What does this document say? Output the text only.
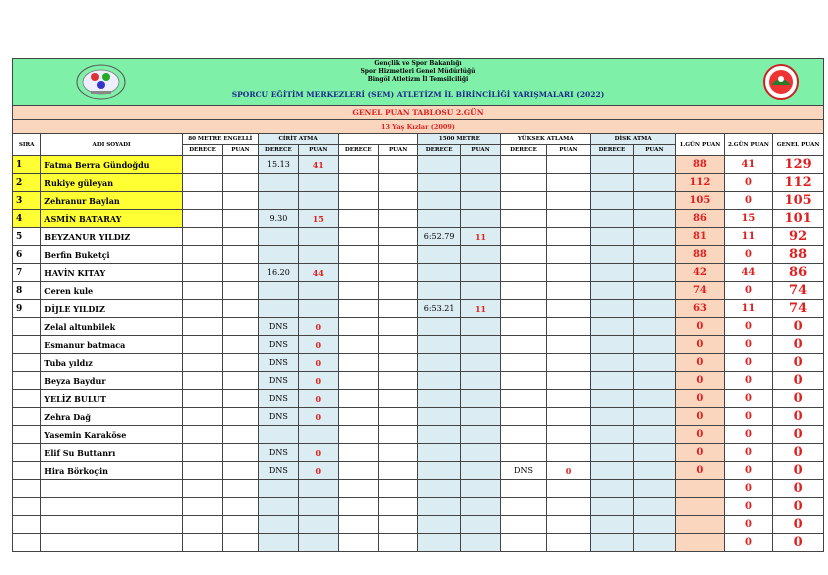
Gençlik ve Spor Bakanlığı
Spor Hizmetleri Genel Müdürlüğü
Bingöl Atletizm İl Temsilciliği
SPORCU EĞİTİM MERKEZLERİ (SEM) ATLETİZM İL BİRİNCİLİĞİ YARIŞMALARI (2022)																

GENEL PUAN TABLOSU 2.GÜN																
13 Yaş Kızlar (2009)																
SIRA	ADI SOYADI	80 METRE ENGELLİ		CİRİT ATMA				1500 METRE		YÜKSEK ATLAMA		DİSK ATMA		1.GÜN PUAN	2.GÜN PUAN	GENEL PUAN
		DERECE	PUAN	DERECE	PUAN	DERECE	PUAN	DERECE	PUAN	DERECE	PUAN	DERECE	PUAN			
1	Fatma Berra Gündoğdu			15.13	41									88	41	129
2	Rukiye güleyan													112	0	112
3	Zehranur Baylan													105	0	105
4	ASMİN BATARAY			9.30	15									86	15	101
5	BEYZANUR YILDIZ							6:52.79	11					81	11	92
6	Berfin Buketçi													88	0	88
7	HAVİN KITAY			16.20	44									42	44	86
8	Ceren kule													74	0	74
9	DİJLE YILDIZ							6:53.21	11					63	11	74
	Zelal altunbilek			DNS	0									0	0	0
	Esmanur batmaca			DNS	0									0	0	0
	Tuba yıldız			DNS	0									0	0	0
	Beyza Baydur			DNS	0									0	0	0
	YELİZ BULUT			DNS	0									0	0	0
	Zehra Dağ			DNS	0									0	0	0
	Yasemin Karaköse													0	0	0
	Elif Su Buttanrı			DNS	0									0	0	0
	Hira Börkoçin			DNS	0					DNS	0			0	0	0
															0	0
															0	0
															0	0
															0	0
